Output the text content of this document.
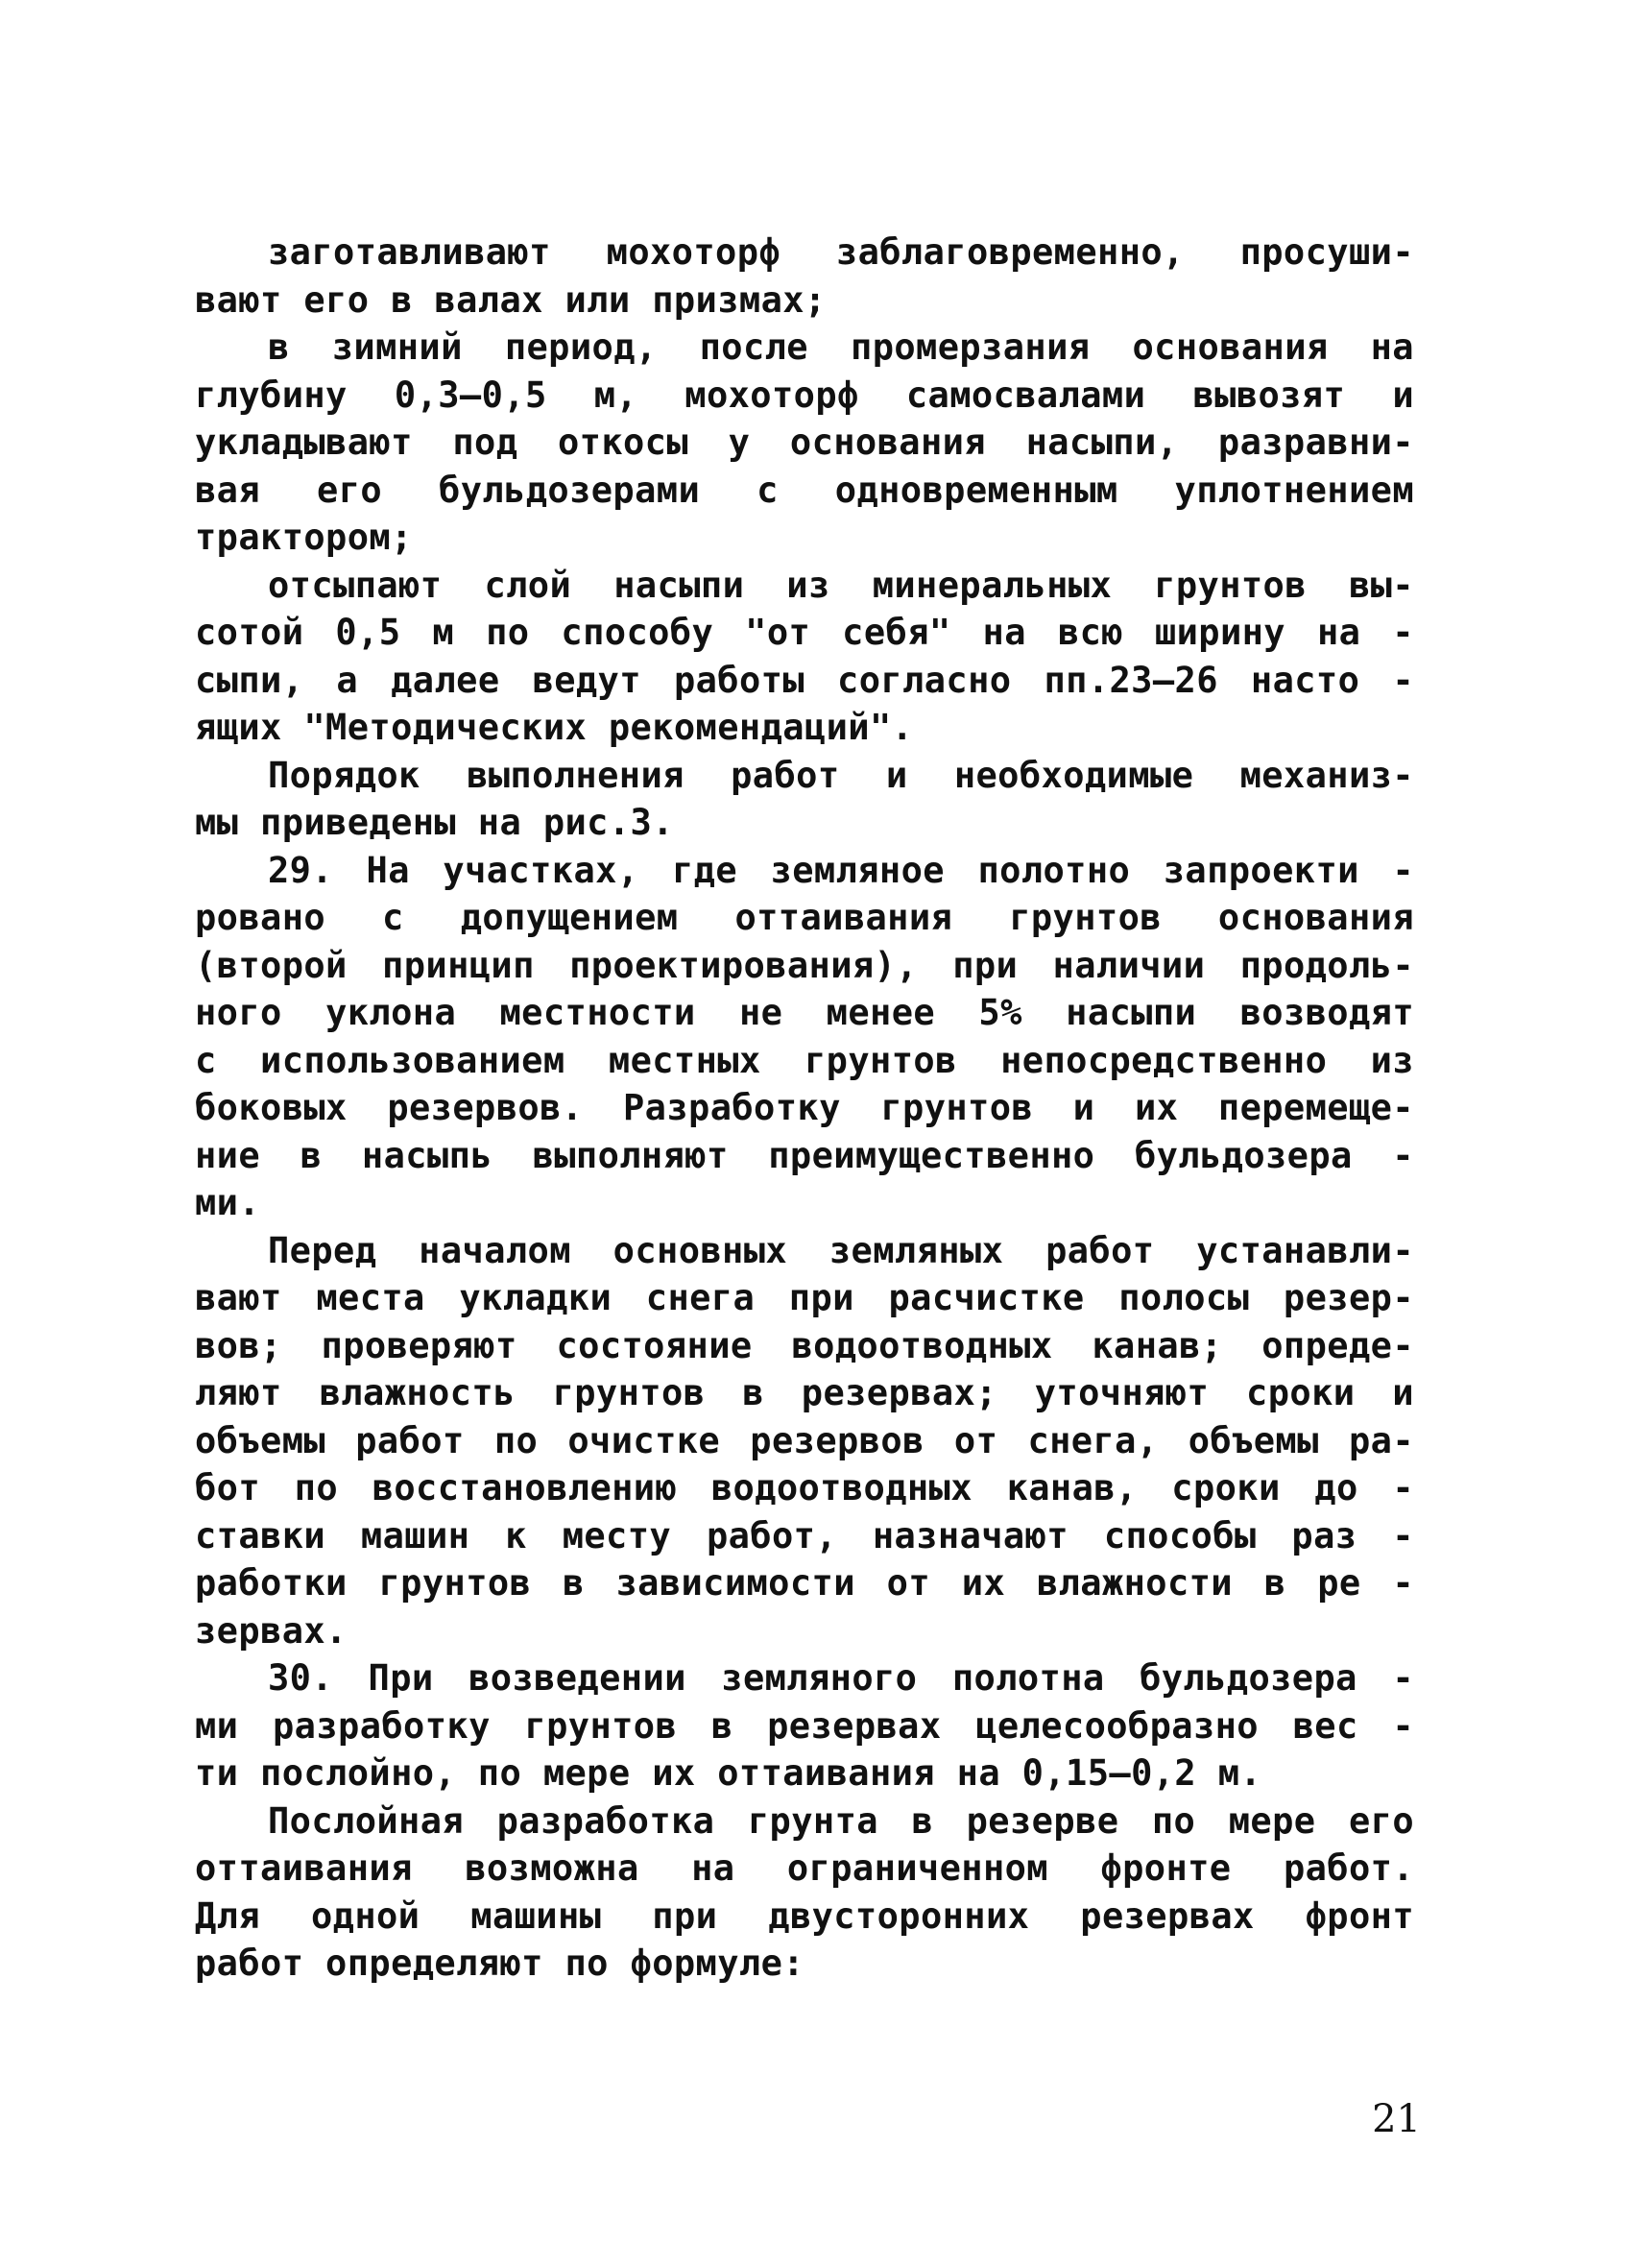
заготавливают мохоторф заблаговременно, просуши-
вают его в валах или призмах;
в зимний период, после промерзания основания на
глубину 0,3–0,5 м, мохоторф самосвалами вывозят и
укладывают под откосы у основания насыпи, разравни-
вая его бульдозерами с одновременным уплотнением
трактором;
отсыпают слой насыпи из минеральных грунтов вы-
сотой 0,5 м по способу "от себя" на всю ширину на -
сыпи, а далее ведут работы согласно пп.23–26 насто -
ящих "Методических рекомендаций".
Порядок выполнения работ и необходимые механиз-
мы приведены на рис.3.
29. На участках, где земляное полотно запроекти -
ровано с допущением оттаивания грунтов основания
(второй принцип проектирования), при наличии продоль-
ного уклона местности не менее 5% насыпи возводят
с использованием местных грунтов непосредственно из
боковых резервов. Разработку грунтов и их перемеще-
ние в насыпь выполняют преимущественно бульдозера -
ми.
Перед началом основных земляных работ устанавли-
вают места укладки снега при расчистке полосы резер-
вов; проверяют состояние водоотводных канав; опреде-
ляют влажность грунтов в резервах; уточняют сроки и
объемы работ по очистке резервов от снега, объемы ра-
бот по восстановлению водоотводных канав, сроки до -
ставки машин к месту работ, назначают способы раз -
работки грунтов в зависимости от их влажности в ре -
зервах.
30. При возведении земляного полотна бульдозера -
ми разработку грунтов в резервах целесообразно вес -
ти послойно, по мере их оттаивания на 0,15–0,2 м.
Послойная разработка грунта в резерве по мере его
оттаивания возможна на ограниченном фронте работ.
Для одной машины при двусторонних резервах фронт
работ определяют по формуле:
21
